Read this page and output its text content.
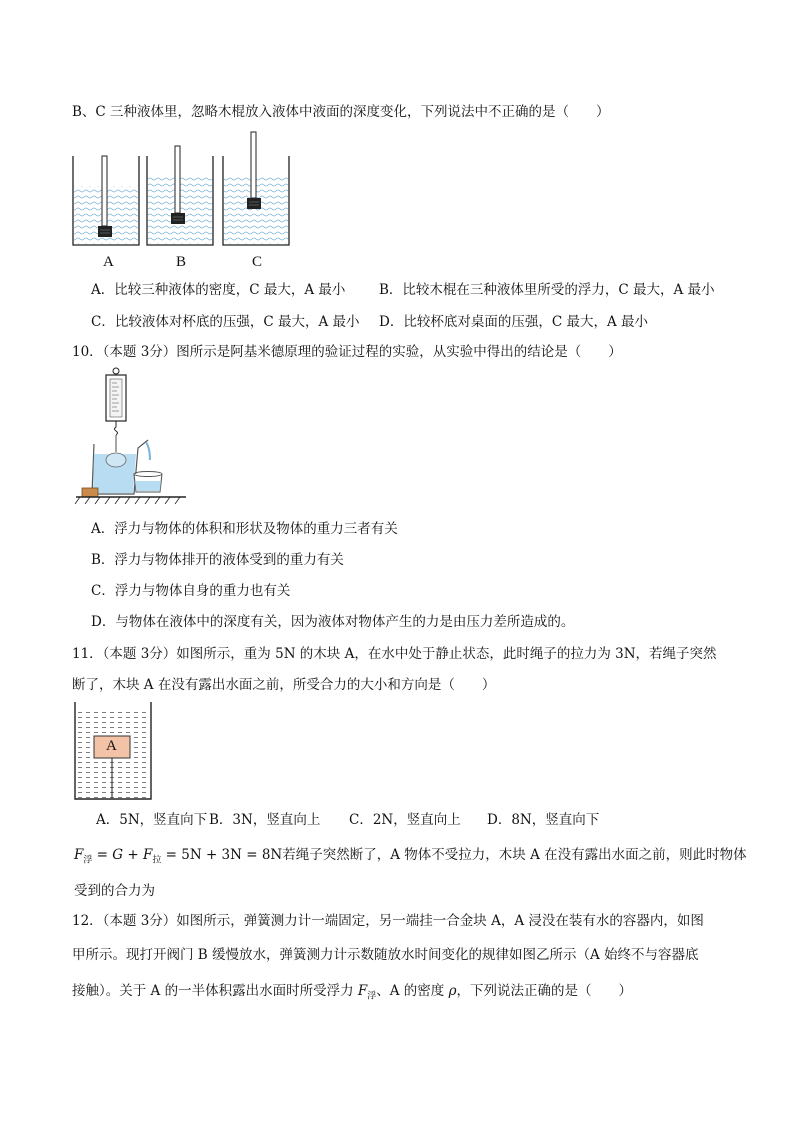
B、C 三种液体里，忽略木棍放入液体中液面的深度变化，下列说法中不正确的是（　　）
A	B	C
A．比较三种液体的密度，C 最大，A 最小 B．比较木棍在三种液体里所受的浮力，C 最大，A 最小
C．比较液体对杯底的压强，C 最大，A 最小 D．比较杯底对桌面的压强，C 最大，A 最小
10．（本题 3分）图所示是阿基米德原理的验证过程的实验，从实验中得出的结论是（　　）
A．浮力与物体的体积和形状及物体的重力三者有关
B．浮力与物体排开的液体受到的重力有关
C．浮力与物体自身的重力也有关
D．与物体在液体中的深度有关，因为液体对物体产生的力是由压力差所造成的。
11．（本题 3分）如图所示，重为 5N 的木块 A，在水中处于静止状态，此时绳子的拉力为 3N，若绳子突然
断了，木块 A 在没有露出水面之前，所受合力的大小和方向是（　　）
A
A．5N，竖直向下 B．3N，竖直向上 C．2N，竖直向上 D．8N，竖直向下
$F_浮 = G + F_拉 = 5N + 3N = 8N$若绳子突然断了，A 物体不受拉力，木块 A 在没有露出水面之前，则此时物体
受到的合力为
12．（本题 3分）如图所示，弹簧测力计一端固定，另一端挂一合金块 A，A 浸没在装有水的容器内，如图
甲所示。现打开阀门 B 缓慢放水，弹簧测力计示数随放水时间变化的规律如图乙所示（A 始终不与容器底
接触）。关于 A 的一半体积露出水面时所受浮力 $F_浮$、A 的密度 ρ，下列说法正确的是（　　）
